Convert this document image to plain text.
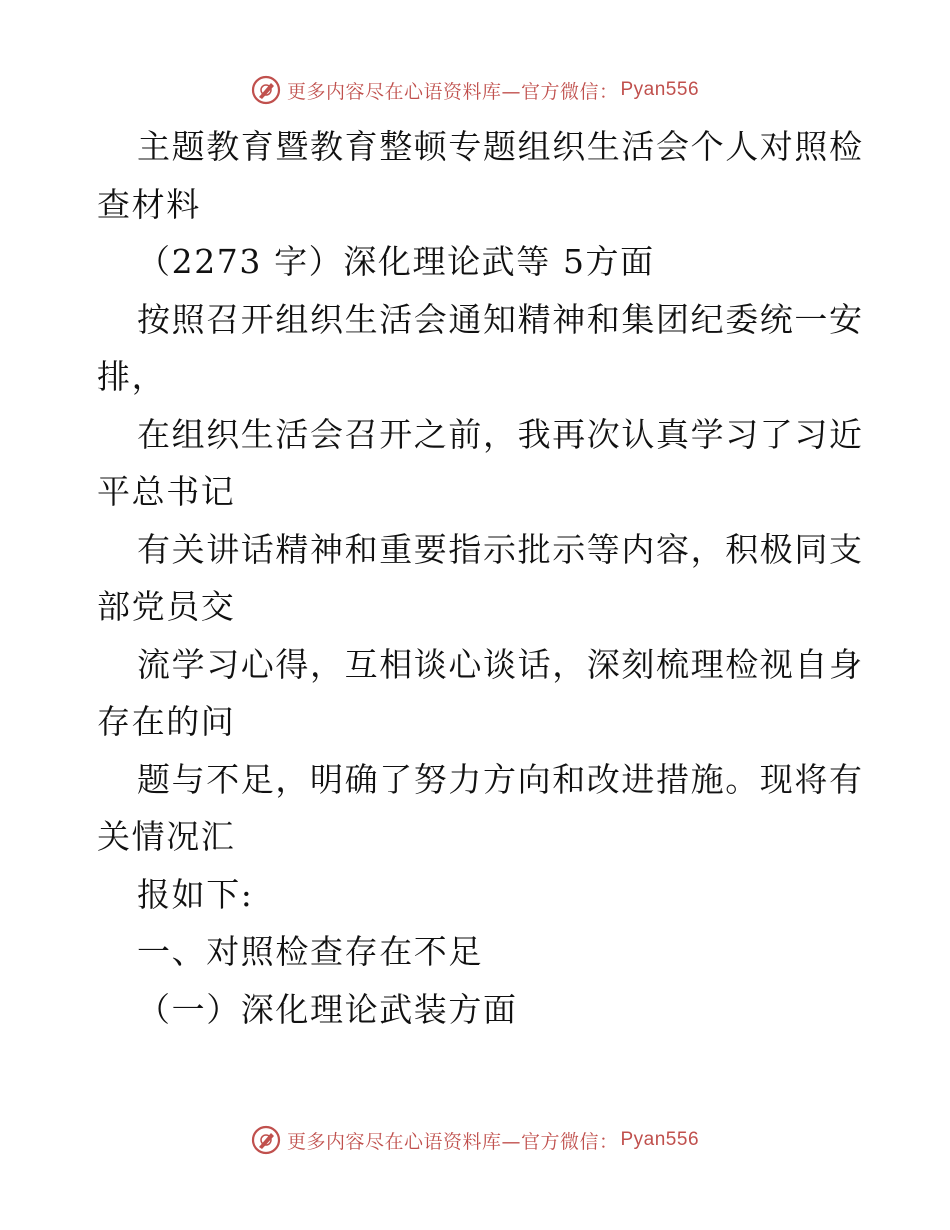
更多内容尽在心语资料库—官方微信： Pyan556
主题教育暨教育整顿专题组织生活会个人对照检
查材料
（2273 字）深化理论武等 5方面
按照召开组织生活会通知精神和集团纪委统一安
排，
在组织生活会召开之前，我再次认真学习了习近
平总书记
有关讲话精神和重要指示批示等内容，积极同支
部党员交
流学习心得，互相谈心谈话，深刻梳理检视自身
存在的问
题与不足，明确了努力方向和改进措施。现将有
关情况汇
报如下:
一、对照检查存在不足
（一）深化理论武装方面
更多内容尽在心语资料库—官方微信： Pyan556
